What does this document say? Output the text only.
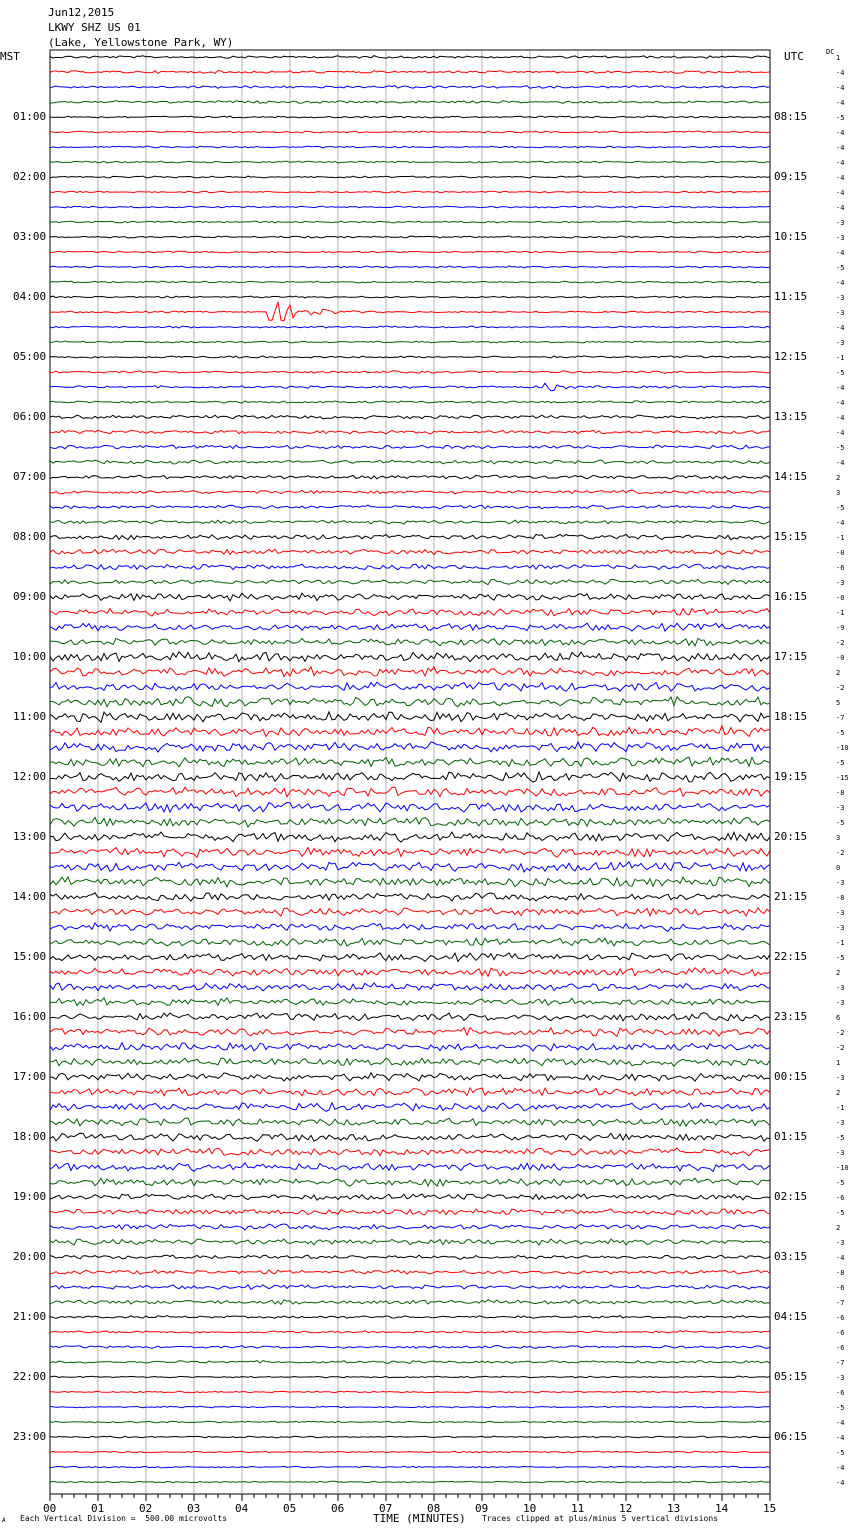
Jun12,2015
LKWY SHZ US 01
(Lake, Yellowstone Park, WY)
MST	UTC	DC
00	01	02	03	04	05	06	07	08	09	10	11	12	13	14	15
01:00
02:00
03:00
04:00
05:00
06:00
07:00
08:00
09:00
10:00
11:00
12:00
13:00
14:00
15:00
16:00
17:00
18:00
19:00
20:00
21:00
22:00
23:00
08:15
09:15
10:15
11:15
12:15
13:15
14:15
15:15
16:15
17:15
18:15
19:15
20:15
21:15
22:15
23:15
00:15
01:15
02:15
03:15
04:15
05:15
06:15
1
-4
-4
-4
-5
-4
-4
-4
-4
-4
-4
-3
-3
-4
-5
-4
-3
-3
-4
-3
-1
-5
-4
-4
-4
-4
-5
-4
2
3
-5
-4
-1
-0
-6
-3
-0
-1
-9
-2
-0
2
-2
5
-7
-5
-10
-5
-15
-8
-3
-5
3
-2
0
-3
-8
-3
-3
-1
-5
2
-3
-3
6
-2
-2
1
-3
2
-1
-3
-5
-3
-10
-5
-6
-5
2
-3
-4
-8
-6
-7
-6
-6
-6
-7
-3
-6
-5
-4
-4
-5
-4
-4
A Each Vertical Division =  500.00 microvolts	TIME (MINUTES) Traces clipped at plus/minus 5 vertical divisions
